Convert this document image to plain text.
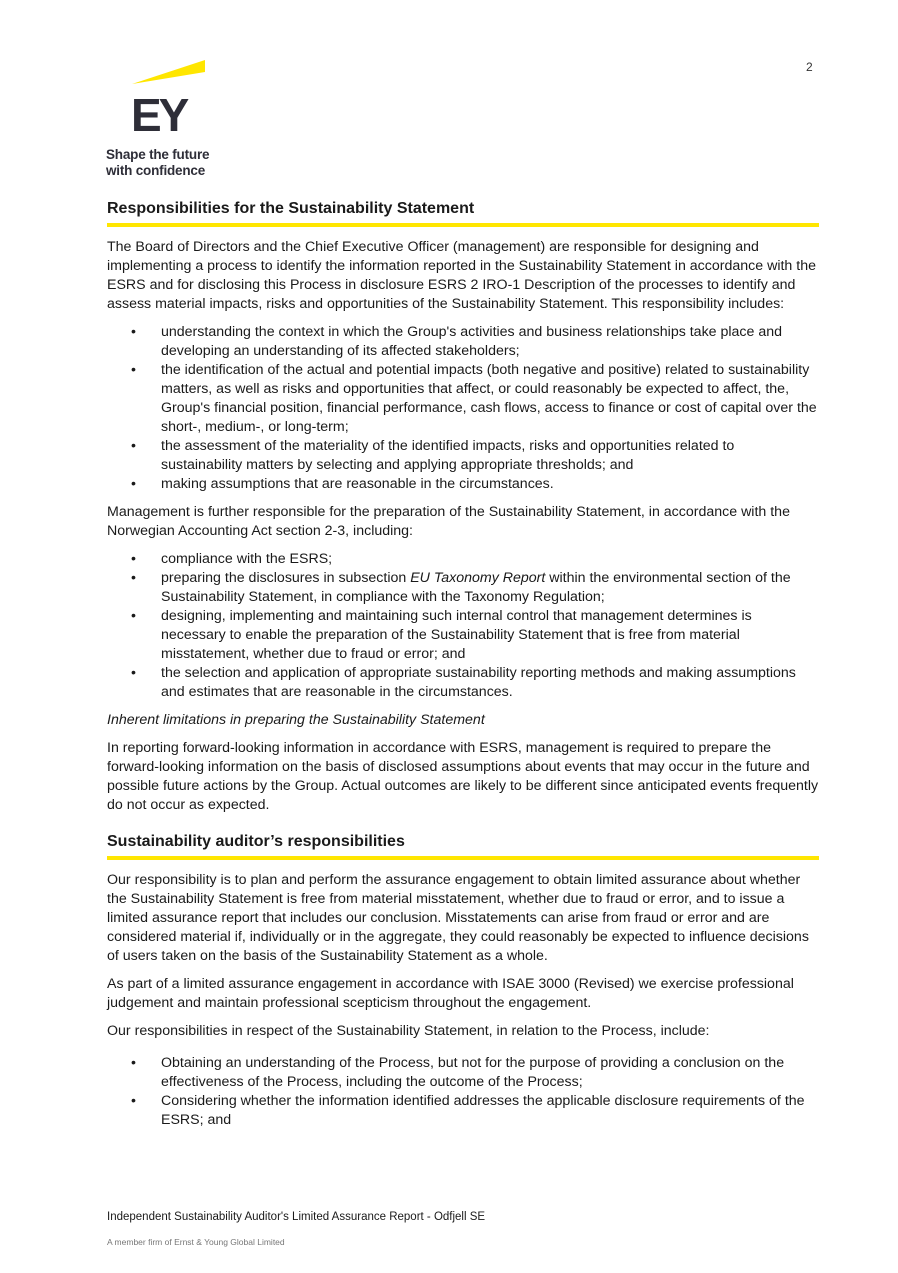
2
EY
Shape the future
with confidence
Responsibilities for the Sustainability Statement

The Board of Directors and the Chief Executive Officer (management) are responsible for designing and implementing a process to identify the information reported in the Sustainability Statement in accordance with the ESRS and for disclosing this Process in disclosure ESRS 2 IRO-1 Description of the processes to identify and assess material impacts, risks and opportunities of the Sustainability Statement. This responsibility includes:

• understanding the context in which the Group's activities and business relationships take place and developing an understanding of its affected stakeholders;
• the identification of the actual and potential impacts (both negative and positive) related to sustainability matters, as well as risks and opportunities that affect, or could reasonably be expected to affect, the, Group's financial position, financial performance, cash flows, access to finance or cost of capital over the short-, medium-, or long-term;
• the assessment of the materiality of the identified impacts, risks and opportunities related to sustainability matters by selecting and applying appropriate thresholds; and
• making assumptions that are reasonable in the circumstances.

Management is further responsible for the preparation of the Sustainability Statement, in accordance with the Norwegian Accounting Act section 2-3, including:

• compliance with the ESRS;
• preparing the disclosures in subsection EU Taxonomy Report within the environmental section of the Sustainability Statement, in compliance with the Taxonomy Regulation;
• designing, implementing and maintaining such internal control that management determines is necessary to enable the preparation of the Sustainability Statement that is free from material misstatement, whether due to fraud or error; and
• the selection and application of appropriate sustainability reporting methods and making assumptions and estimates that are reasonable in the circumstances.

Inherent limitations in preparing the Sustainability Statement

In reporting forward-looking information in accordance with ESRS, management is required to prepare the forward-looking information on the basis of disclosed assumptions about events that may occur in the future and possible future actions by the Group. Actual outcomes are likely to be different since anticipated events frequently do not occur as expected.

Sustainability auditor’s responsibilities

Our responsibility is to plan and perform the assurance engagement to obtain limited assurance about whether the Sustainability Statement is free from material misstatement, whether due to fraud or error, and to issue a limited assurance report that includes our conclusion. Misstatements can arise from fraud or error and are considered material if, individually or in the aggregate, they could reasonably be expected to influence decisions of users taken on the basis of the Sustainability Statement as a whole.

As part of a limited assurance engagement in accordance with ISAE 3000 (Revised) we exercise professional judgement and maintain professional scepticism throughout the engagement.

Our responsibilities in respect of the Sustainability Statement, in relation to the Process, include:

• Obtaining an understanding of the Process, but not for the purpose of providing a conclusion on the effectiveness of the Process, including the outcome of the Process;
• Considering whether the information identified addresses the applicable disclosure requirements of the ESRS; and
Independent Sustainability Auditor's Limited Assurance Report - Odfjell SE
A member firm of Ernst & Young Global Limited
